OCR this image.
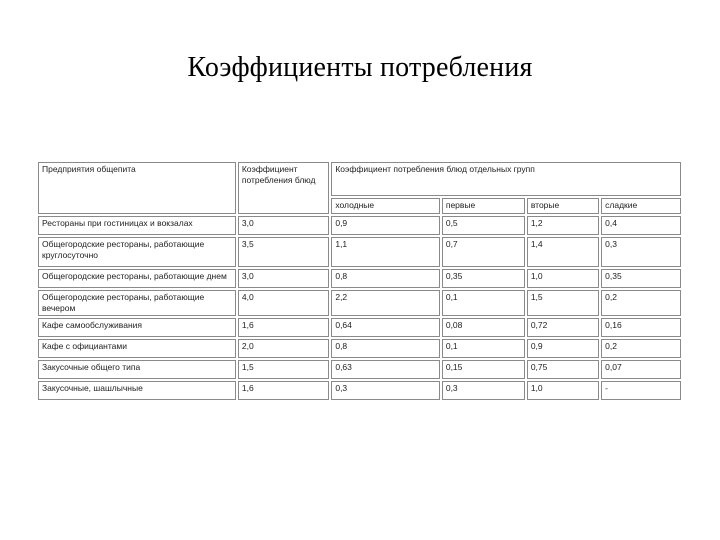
Коэффициенты потребления
Предприятия общепита	Коэффициент потребления блюд	Коэффициент потребления блюд отдельных групп			
		холодные	первые	вторые	сладкие
Рестораны при гостиницах и вокзалах	3,0	0,9	0,5	1,2	0,4
Общегородские рестораны, работающие круглосуточно	3,5	1,1	0,7	1,4	0,3
Общегородские рестораны, работающие днем	3,0	0,8	0,35	1,0	0,35
Общегородские рестораны, работающие вечером	4,0	2,2	0,1	1,5	0,2
Кафе самообслуживания	1,6	0,64	0,08	0,72	0,16
Кафе с официантами	2,0	0,8	0,1	0,9	0,2
Закусочные общего типа	1,5	0,63	0,15	0,75	0,07
Закусочные, шашлычные	1,6	0,3	0,3	1,0	-
